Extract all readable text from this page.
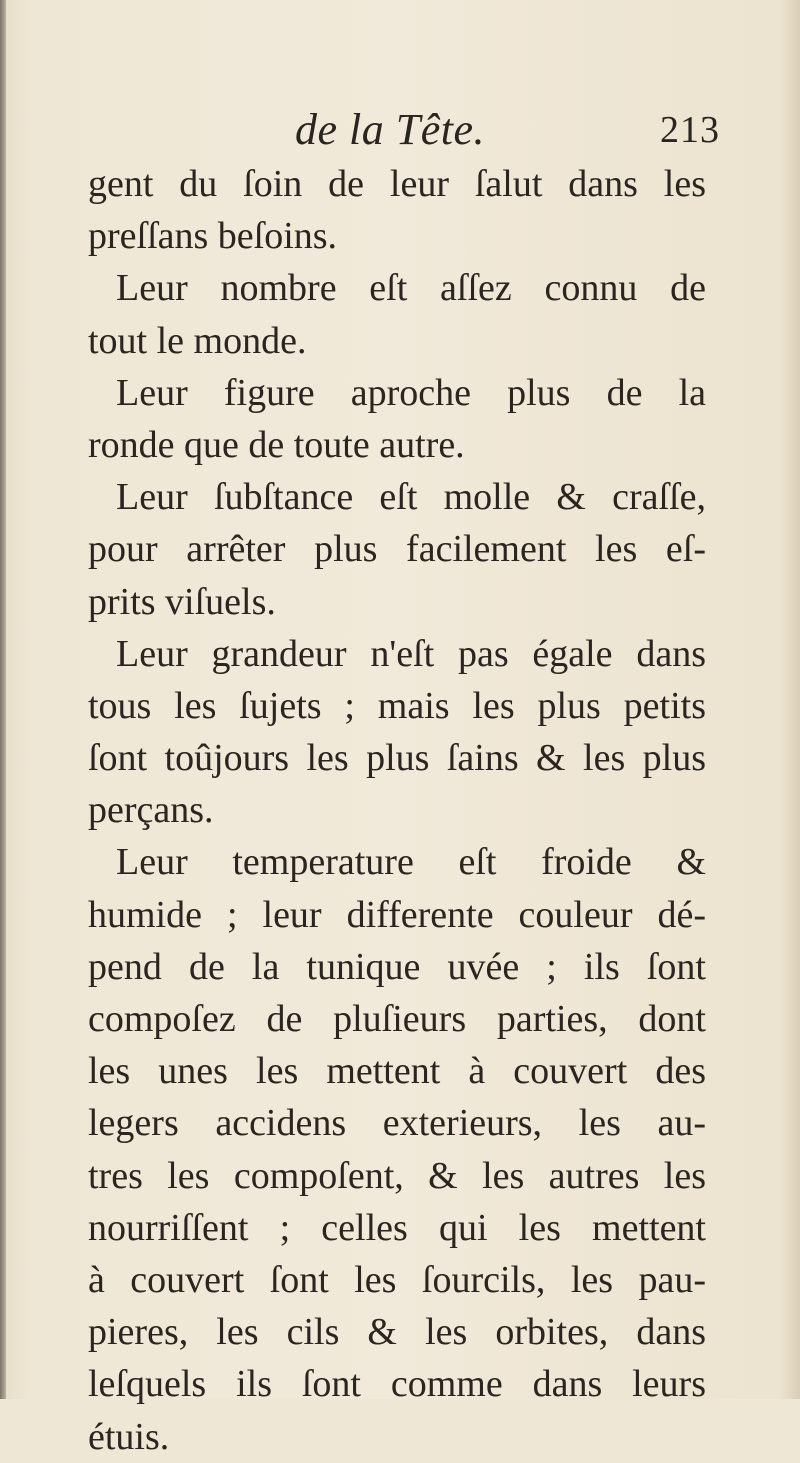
de la Tête.	213
gent du ſoin de leur ſalut dans les
preſſans beſoins.
Leur nombre eſt aſſez connu de
tout le monde.
Leur figure aproche plus de la
ronde que de toute autre.
Leur ſubſtance eſt molle & craſſe,
pour arrêter plus facilement les eſ-
prits viſuels.
Leur grandeur n'eſt pas égale dans
tous les ſujets ; mais les plus petits
ſont toûjours les plus ſains & les plus
perçans.
Leur temperature eſt froide &
humide ; leur differente couleur dé-
pend de la tunique uvée ; ils ſont
compoſez de pluſieurs parties, dont
les unes les mettent à couvert des
legers accidens exterieurs, les au-
tres les compoſent, & les autres les
nourriſſent ; celles qui les mettent
à couvert ſont les ſourcils, les pau-
pieres, les cils & les orbites, dans
leſquels ils ſont comme dans leurs
étuis.
